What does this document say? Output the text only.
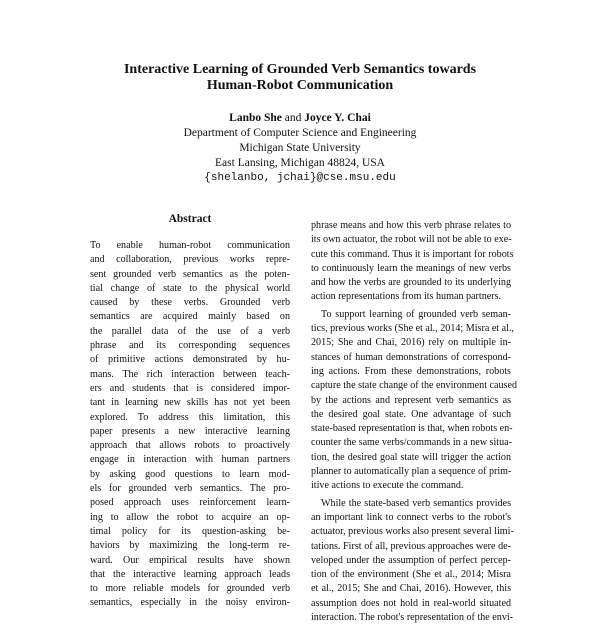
Interactive Learning of Grounded Verb Semantics towards
Human-Robot Communication
Lanbo She and Joyce Y. Chai
Department of Computer Science and Engineering
Michigan State University
East Lansing, Michigan 48824, USA
{shelanbo, jchai}@cse.msu.edu
Abstract
To enable human-robot communication
and collaboration, previous works repre-
sent grounded verb semantics as the poten-
tial change of state to the physical world
caused by these verbs. Grounded verb
semantics are acquired mainly based on
the parallel data of the use of a verb
phrase and its corresponding sequences
of primitive actions demonstrated by hu-
mans. The rich interaction between teach-
ers and students that is considered impor-
tant in learning new skills has not yet been
explored. To address this limitation, this
paper presents a new interactive learning
approach that allows robots to proactively
engage in interaction with human partners
by asking good questions to learn mod-
els for grounded verb semantics. The pro-
posed approach uses reinforcement learn-
ing to allow the robot to acquire an op-
timal policy for its question-asking be-
haviors by maximizing the long-term re-
ward. Our empirical results have shown
that the interactive learning approach leads
to more reliable models for grounded verb
semantics, especially in the noisy environ-
phrase means and how this verb phrase relates to
its own actuator, the robot will not be able to exe-
cute this command. Thus it is important for robots
to continuously learn the meanings of new verbs
and how the verbs are grounded to its underlying
action representations from its human partners.
To support learning of grounded verb seman-
tics, previous works (She et al., 2014; Misra et al.,
2015; She and Chai, 2016) rely on multiple in-
stances of human demonstrations of correspond-
ing actions. From these demonstrations, robots
capture the state change of the environment caused
by the actions and represent verb semantics as
the desired goal state. One advantage of such
state-based representation is that, when robots en-
counter the same verbs/commands in a new situa-
tion, the desired goal state will trigger the action
planner to automatically plan a sequence of prim-
itive actions to execute the command.
While the state-based verb semantics provides
an important link to connect verbs to the robot's
actuator, previous works also present several limi-
tations. First of all, previous approaches were de-
veloped under the assumption of perfect percep-
tion of the environment (She et al., 2014; Misra
et al., 2015; She and Chai, 2016). However, this
assumption does not hold in real-world situated
interaction. The robot's representation of the envi-
